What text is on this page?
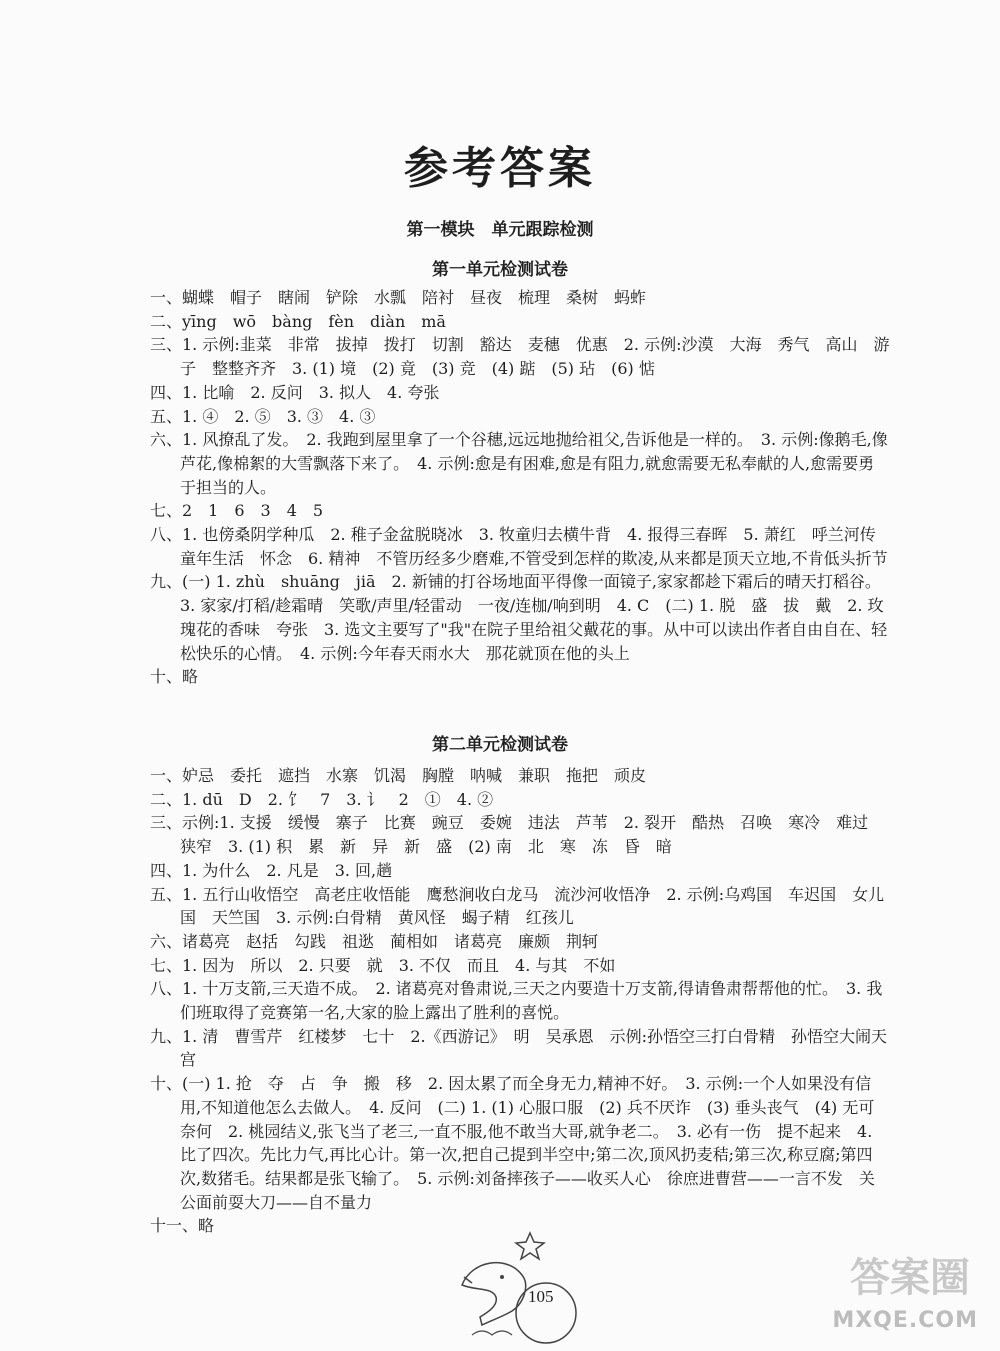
参考答案
第一模块　单元跟踪检测
第一单元检测试卷

一、蝴蝶　帽子　瞎闹　铲除　水瓢　陪衬　昼夜　梳理　桑树　蚂蚱

二、yīng　wō　bàng　fèn　diàn　mā

三、1. 示例:韭菜　非常　拔掉　拨打　切割　豁达　麦穗　优惠　2. 示例:沙漠　大海　秀气　高山　游子　整整齐齐　3. (1) 境　(2) 竟　(3) 竞　(4) 踮　(5) 玷　(6) 惦

四、1. 比喻　2. 反问　3. 拟人　4. 夸张

五、1. ④　2. ⑤　3. ③　4. ③

六、1. 风撩乱了发。　2. 我跑到屋里拿了一个谷穗,远远地抛给祖父,告诉他是一样的。　3. 示例:像鹅毛,像芦花,像棉絮的大雪飘落下来了。　4. 示例:愈是有困难,愈是有阻力,就愈需要无私奉献的人,愈需要勇于担当的人。

七、2　1　6　3　4　5

八、1. 也傍桑阴学种瓜　2. 稚子金盆脱晓冰　3. 牧童归去横牛背　4. 报得三春晖　5. 萧红　呼兰河传　童年生活　怀念　6. 精神　不管历经多少磨难,不管受到怎样的欺凌,从来都是顶天立地,不肯低头折节

九、(一) 1. zhù　shuāng　jiā　2. 新铺的打谷场地面平得像一面镜子,家家都趁下霜后的晴天打稻谷。3. 家家/打稻/趁霜晴　笑歌/声里/轻雷动　一夜/连枷/响到明　4. C　(二) 1. 脱　盛　拔　戴　2. 玫瑰花的香味　夸张　3. 选文主要写了"我"在院子里给祖父戴花的事。从中可以读出作者自由自在、轻松快乐的心情。　4. 示例:今年春天雨水大　那花就顶在他的头上

十、略

第二单元检测试卷

一、妒忌　委托　遮挡　水寨　饥渴　胸膛　呐喊　兼职　拖把　顽皮

二、1. dū　D　2. 饣　7　3. 讠　2　①　4. ②

三、示例:1. 支援　缓慢　寨子　比赛　豌豆　委婉　违法　芦苇　2. 裂开　酷热　召唤　寒冷　难过　狭窄　3. (1) 积　累　新　异　新　盛　(2) 南　北　寒　冻　昏　暗

四、1. 为什么　2. 凡是　3. 回,趟

五、1. 五行山收悟空　高老庄收悟能　鹰愁涧收白龙马　流沙河收悟净　2. 示例:乌鸡国　车迟国　女儿国　天竺国　3. 示例:白骨精　黄风怪　蝎子精　红孩儿

六、诸葛亮　赵括　勾践　祖逖　蔺相如　诸葛亮　廉颇　荆轲

七、1. 因为　所以　2. 只要　就　3. 不仅　而且　4. 与其　不如

八、1. 十万支箭,三天造不成。　2. 诸葛亮对鲁肃说,三天之内要造十万支箭,得请鲁肃帮帮他的忙。　3. 我们班取得了竞赛第一名,大家的脸上露出了胜利的喜悦。

九、1. 清　曹雪芹　红楼梦　七十　2.《西游记》　明　吴承恩　示例:孙悟空三打白骨精　孙悟空大闹天宫

十、(一) 1. 抢　夺　占　争　搬　移　2. 因太累了而全身无力,精神不好。　3. 示例:一个人如果没有信用,不知道他怎么去做人。　4. 反问　(二) 1. (1) 心服口服　(2) 兵不厌诈　(3) 垂头丧气　(4) 无可奈何　2. 桃园结义,张飞当了老三,一直不服,他不敢当大哥,就争老二。　3. 必有一伤　提不起来　4. 比了四次。先比力气,再比心计。第一次,把自己提到半空中;第二次,顶风扔麦秸;第三次,称豆腐;第四次,数猪毛。结果都是张飞输了。　5. 示例:刘备摔孩子——收买人心　徐庶进曹营——一言不发　关公面前耍大刀——自不量力

十一、略

105	答案圈
MXQE.COM
